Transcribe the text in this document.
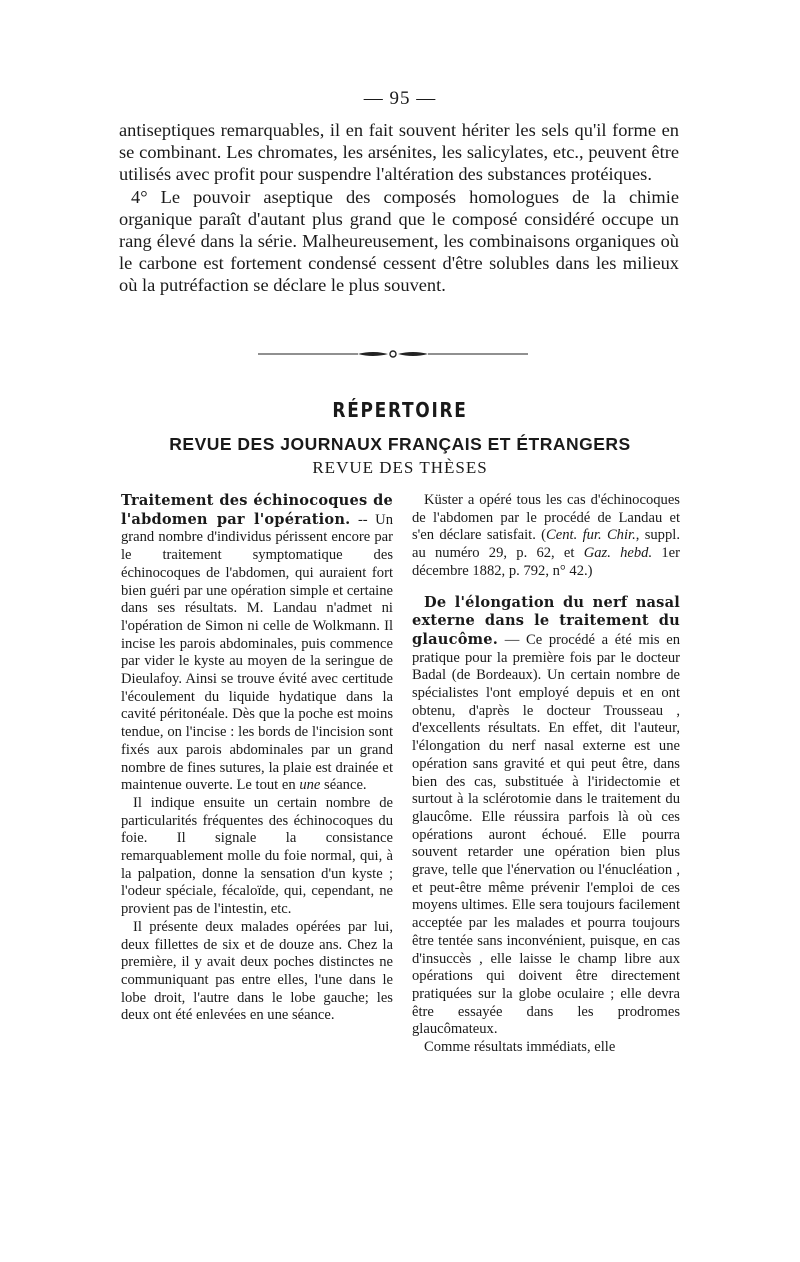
— 95 —

antiseptiques remarquables, il en fait souvent hériter les sels qu'il forme en se combinant. Les chromates, les arsénites, les salicylates, etc., peuvent être utilisés avec profit pour suspendre l'altération des substances protéiques.

4° Le pouvoir aseptique des composés homologues de la chimie organique paraît d'autant plus grand que le composé considéré occupe un rang élevé dans la série. Malheureusement, les combinaisons organiques où le carbone est fortement condensé cessent d'être solubles dans les milieux où la putréfaction se déclare le plus souvent.

RÉPERTOIRE
REVUE DES JOURNAUX FRANÇAIS ET ÉTRANGERS
REVUE DES THÈSES

Traitement des échinocoques de l'abdomen par l'opération. -- Un grand nombre d'individus périssent encore par le traitement symptomatique des échinocoques de l'abdomen, qui auraient fort bien guéri par une opération simple et certaine dans ses résultats. M. Landau n'admet ni l'opération de Simon ni celle de Wolkmann. Il incise les parois abdominales, puis commence par vider le kyste au moyen de la seringue de Dieulafoy. Ainsi se trouve évité avec certitude l'écoulement du liquide hydatique dans la cavité péritonéale. Dès que la poche est moins tendue, on l'incise : les bords de l'incision sont fixés aux parois abdominales par un grand nombre de fines sutures, la plaie est drainée et maintenue ouverte. Le tout en une séance.

Il indique ensuite un certain nombre de particularités fréquentes des échinocoques du foie. Il signale la consistance remarquablement molle du foie normal, qui, à la palpation, donne la sensation d'un kyste ; l'odeur spéciale, fécaloïde, qui, cependant, ne provient pas de l'intestin, etc.

Il présente deux malades opérées par lui, deux fillettes de six et de douze ans. Chez la première, il y avait deux poches distinctes ne communiquant pas entre elles, l'une dans le lobe droit, l'autre dans le lobe gauche; les deux ont été enlevées en une séance.

Küster a opéré tous les cas d'échinocoques de l'abdomen par le procédé de Landau et s'en déclare satisfait. (Cent. fur. Chir., suppl. au numéro 29, p. 62, et Gaz. hebd. 1er décembre 1882, p. 792, n° 42.)

De l'élongation du nerf nasal externe dans le traitement du glaucôme. — Ce procédé a été mis en pratique pour la première fois par le docteur Badal (de Bordeaux). Un certain nombre de spécialistes l'ont employé depuis et en ont obtenu, d'après le docteur Trousseau , d'excellents résultats. En effet, dit l'auteur, l'élongation du nerf nasal externe est une opération sans gravité et qui peut être, dans bien des cas, substituée à l'iridectomie et surtout à la sclérotomie dans le traitement du glaucôme. Elle réussira parfois là où ces opérations auront échoué. Elle pourra souvent retarder une opération bien plus grave, telle que l'énervation ou l'énucléation , et peut-être même prévenir l'emploi de ces moyens ultimes. Elle sera toujours facilement acceptée par les malades et pourra toujours être tentée sans inconvénient, puisque, en cas d'insuccès , elle laisse le champ libre aux opérations qui doivent être directement pratiquées sur la globe oculaire ; elle devra être essayée dans les prodromes glaucômateux.

Comme résultats immédiats, elle
